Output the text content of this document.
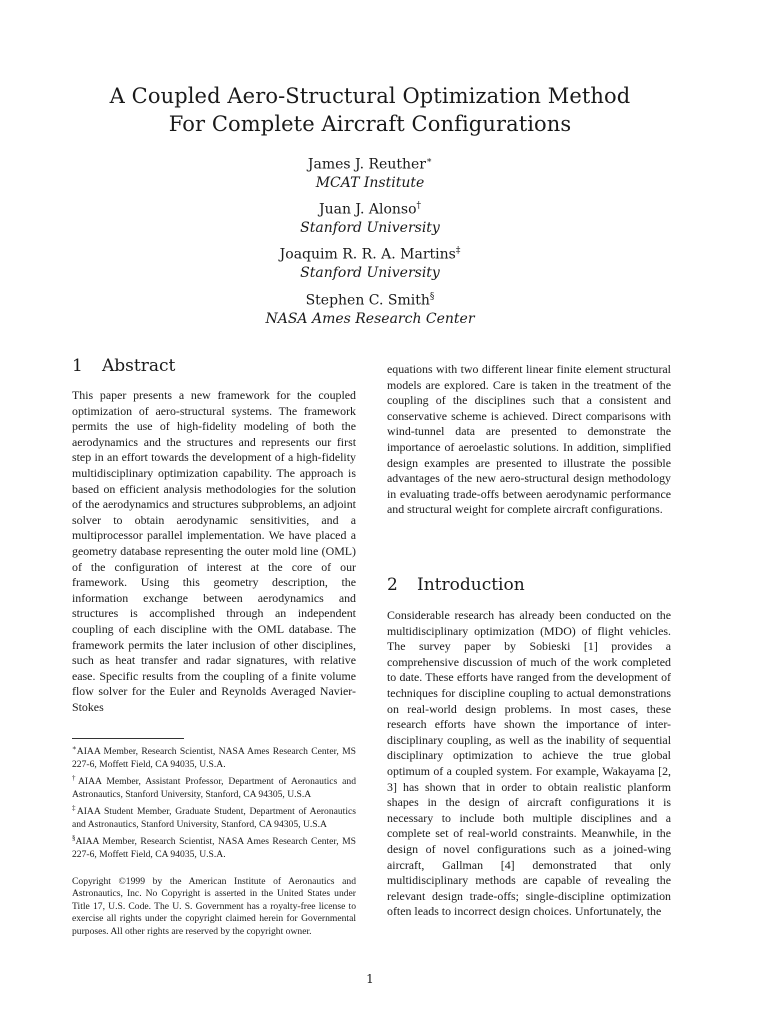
A Coupled Aero-Structural Optimization Method
For Complete Aircraft Configurations
James J. Reuther∗
MCAT Institute
Juan J. Alonso†
Stanford University
Joaquim R. R. A. Martins‡
Stanford University
Stephen C. Smith§
NASA Ames Research Center
1 Abstract

This paper presents a new framework for the coupled optimization of aero-structural systems. The framework permits the use of high-fidelity modeling of both the aerodynamics and the structures and represents our first step in an effort towards the development of a high-fidelity multidisciplinary optimization capability. The approach is based on efficient analysis methodologies for the solution of the aerodynamics and structures subproblems, an adjoint solver to obtain aerodynamic sensitivities, and a multiprocessor parallel implementation. We have placed a geometry database representing the outer mold line (OML) of the configuration of interest at the core of our framework. Using this geometry description, the information exchange between aerodynamics and structures is accomplished through an independent coupling of each discipline with the OML database. The framework permits the later inclusion of other disciplines, such as heat transfer and radar signatures, with relative ease. Specific results from the coupling of a finite volume flow solver for the Euler and Reynolds Averaged Navier-Stokes

∗AIAA Member, Research Scientist, NASA Ames Research Center, MS 227-6, Moffett Field, CA 94035, U.S.A.

†AIAA Member, Assistant Professor, Department of Aeronautics and Astronautics, Stanford University, Stanford, CA 94305, U.S.A

‡AIAA Student Member, Graduate Student, Department of Aeronautics and Astronautics, Stanford University, Stanford, CA 94305, U.S.A

§AIAA Member, Research Scientist, NASA Ames Research Center, MS 227-6, Moffett Field, CA 94035, U.S.A.

Copyright ©1999 by the American Institute of Aeronautics and Astronautics, Inc. No Copyright is asserted in the United States under Title 17, U.S. Code. The U. S. Government has a royalty-free license to exercise all rights under the copyright claimed herein for Governmental purposes. All other rights are reserved by the copyright owner.

equations with two different linear finite element structural models are explored. Care is taken in the treatment of the coupling of the disciplines such that a consistent and conservative scheme is achieved. Direct comparisons with wind-tunnel data are presented to demonstrate the importance of aeroelastic solutions. In addition, simplified design examples are presented to illustrate the possible advantages of the new aero-structural design methodology in evaluating trade-offs between aerodynamic performance and structural weight for complete aircraft configurations.

2 Introduction

Considerable research has already been conducted on the multidisciplinary optimization (MDO) of flight vehicles. The survey paper by Sobieski [1] provides a comprehensive discussion of much of the work completed to date. These efforts have ranged from the development of techniques for discipline coupling to actual demonstrations on real-world design problems. In most cases, these research efforts have shown the importance of inter-disciplinary coupling, as well as the inability of sequential disciplinary optimization to achieve the true global optimum of a coupled system. For example, Wakayama [2, 3] has shown that in order to obtain realistic planform shapes in the design of aircraft configurations it is necessary to include both multiple disciplines and a complete set of real-world constraints. Meanwhile, in the design of novel configurations such as a joined-wing aircraft, Gallman [4] demonstrated that only multidisciplinary methods are capable of revealing the relevant design trade-offs; single-discipline optimization often leads to incorrect design choices. Unfortunately, the

1
